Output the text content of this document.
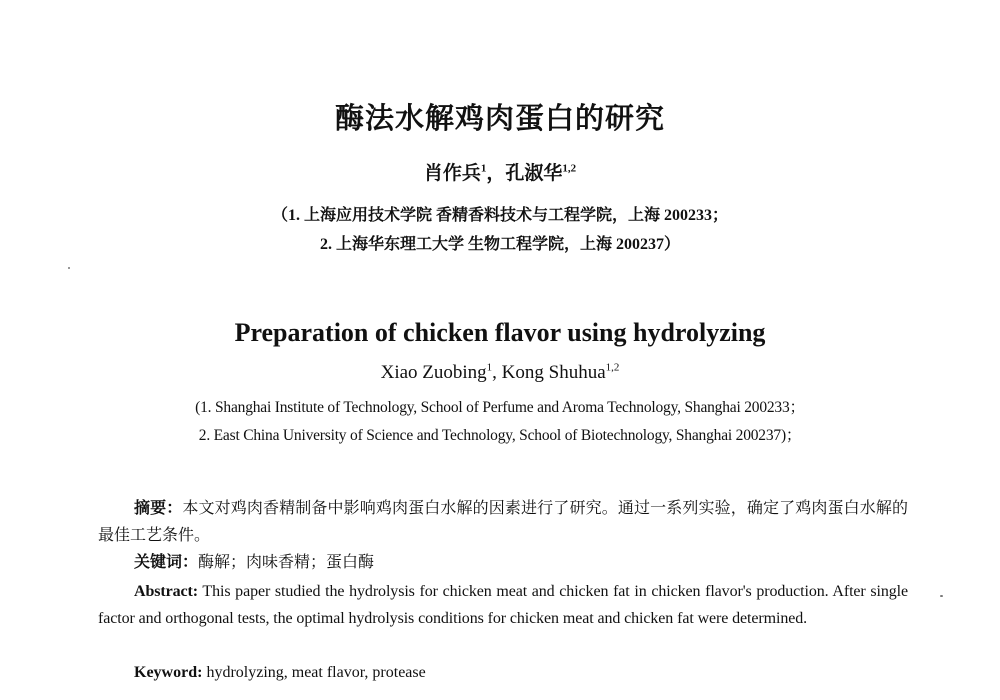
酶法水解鸡肉蛋白的研究
肖作兵$^1$，孔淑华$^{1,2}$
（1. 上海应用技术学院 香精香料技术与工程学院，上海 200233；
2. 上海华东理工大学 生物工程学院，上海 200237）
Preparation of chicken flavor using hydrolyzing
Xiao Zuobing$^1$, Kong Shuhua$^{1,2}$
(1. Shanghai Institute of Technology, School of Perfume and Aroma Technology, Shanghai 200233；
2. East China University of Science and Technology, School of Biotechnology, Shanghai 200237)；
摘要：本文对鸡肉香精制备中影响鸡肉蛋白水解的因素进行了研究。通过一系列实验，确定了鸡肉蛋白水解的最佳工艺条件。
关键词：酶解；肉味香精；蛋白酶
Abstract: This paper studied the hydrolysis for chicken meat and chicken fat in chicken flavor's production. After single factor and orthogonal tests, the optimal hydrolysis conditions for chicken meat and chicken fat were determined.
Keyword: hydrolyzing, meat flavor, protease
